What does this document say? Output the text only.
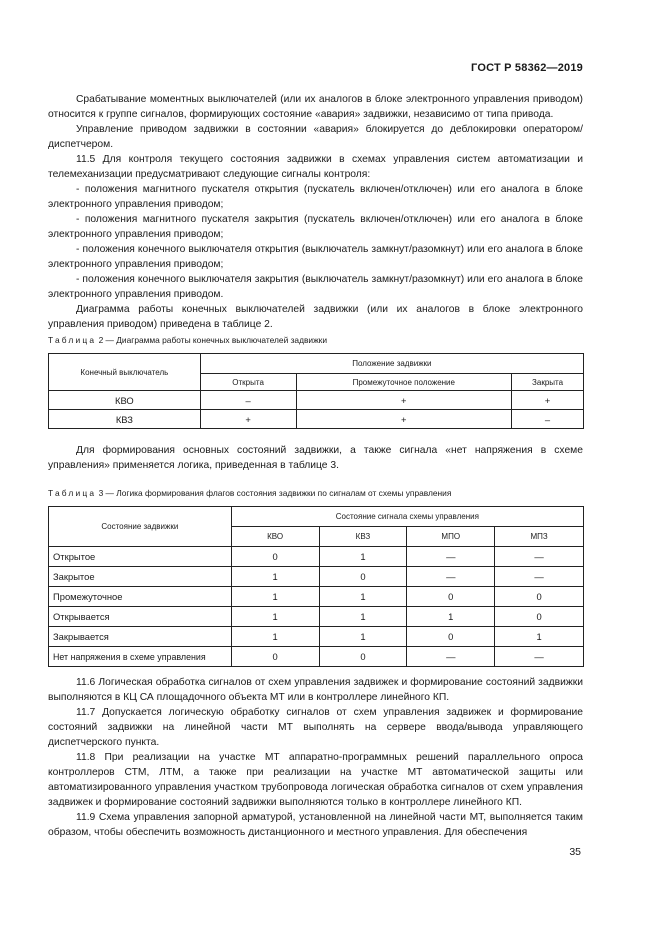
ГОСТ Р 58362—2019

Срабатывание моментных выключателей (или их аналогов в блоке электронного управления приводом) относится к группе сигналов, формирующих состояние «авария» задвижки, независимо от типа привода.

Управление приводом задвижки в состоянии «авария» блокируется до деблокировки оператором/диспетчером.

11.5 Для контроля текущего состояния задвижки в схемах управления систем автоматизации и телемеханизации предусматривают следующие сигналы контроля:

- положения магнитного пускателя открытия (пускатель включен/отключен) или его аналога в блоке электронного управления приводом;

- положения магнитного пускателя закрытия (пускатель включен/отключен) или его аналога в блоке электронного управления приводом;

- положения конечного выключателя открытия (выключатель замкнут/разомкнут) или его аналога в блоке электронного управления приводом;

- положения конечного выключателя закрытия (выключатель замкнут/разомкнут) или его аналога в блоке электронного управления приводом.

Диаграмма работы конечных выключателей задвижки (или их аналогов в блоке электронного управления приводом) приведена в таблице 2.

Таблица 2 — Диаграмма работы конечных выключателей задвижки
Конечный выключатель	Положение задвижки		
	Открыта	Промежуточное положение	Закрыта
КВО	–	+	+
КВЗ	+	+	–

Для формирования основных состояний задвижки, а также сигнала «нет напряжения в схеме управления» применяется логика, приведенная в таблице 3.

Таблица 3 — Логика формирования флагов состояния задвижки по сигналам от схемы управления
Состояние задвижки	Состояние сигнала схемы управления			
	КВО	КВЗ	МПО	МПЗ
Открытое	0	1	—	—
Закрытое	1	0	—	—
Промежуточное	1	1	0	0
Открывается	1	1	1	0
Закрывается	1	1	0	1
Нет напряжения в схеме управления	0	0	—	—

11.6 Логическая обработка сигналов от схем управления задвижек и формирование состояний задвижки выполняются в КЦ СА площадочного объекта МТ или в контроллере линейного КП.

11.7 Допускается логическую обработку сигналов от схем управления задвижек и формирование состояний задвижки на линейной части МТ выполнять на сервере ввода/вывода управляющего диспетчерского пункта.

11.8 При реализации на участке МТ аппаратно-программных решений параллельного опроса контроллеров СТМ, ЛТМ, а также при реализации на участке МТ автоматической защиты или автоматизированного управления участком трубопровода логическая обработка сигналов от схем управления задвижек и формирование состояний задвижки выполняются только в контроллере линейного КП.

11.9 Схема управления запорной арматурой, установленной на линейной части МТ, выполняется таким образом, чтобы обеспечить возможность дистанционного и местного управления. Для обеспечения

35
